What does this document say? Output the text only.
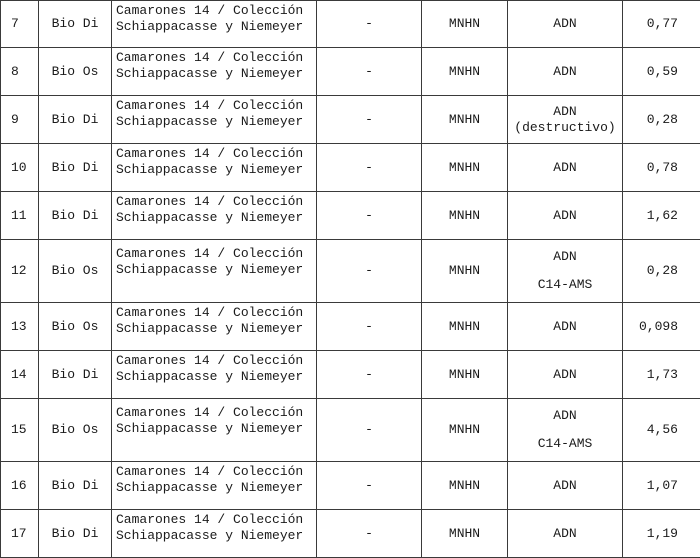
7	Bio Di	Camarones 14 / Colección
Schiappacasse y Niemeyer	-	MNHN	ADN	0,77
8	Bio Os	Camarones 14 / Colección
Schiappacasse y Niemeyer	-	MNHN	ADN	0,59
9	Bio Di	Camarones 14 / Colección
Schiappacasse y Niemeyer	-	MNHN	ADN
(destructivo)	0,28
10	Bio Di	Camarones 14 / Colección
Schiappacasse y Niemeyer	-	MNHN	ADN	0,78
11	Bio Di	Camarones 14 / Colección
Schiappacasse y Niemeyer	-	MNHN	ADN	1,62
12	Bio Os	Camarones 14 / Colección
Schiappacasse y Niemeyer	-	MNHN	ADN
C14-AMS	0,28
13	Bio Os	Camarones 14 / Colección
Schiappacasse y Niemeyer	-	MNHN	ADN	0,098
14	Bio Di	Camarones 14 / Colección
Schiappacasse y Niemeyer	-	MNHN	ADN	1,73
15	Bio Os	Camarones 14 / Colección
Schiappacasse y Niemeyer	-	MNHN	ADN
C14-AMS	4,56
16	Bio Di	Camarones 14 / Colección
Schiappacasse y Niemeyer	-	MNHN	ADN	1,07
17	Bio Di	Camarones 14 / Colección
Schiappacasse y Niemeyer	-	MNHN	ADN	1,19
